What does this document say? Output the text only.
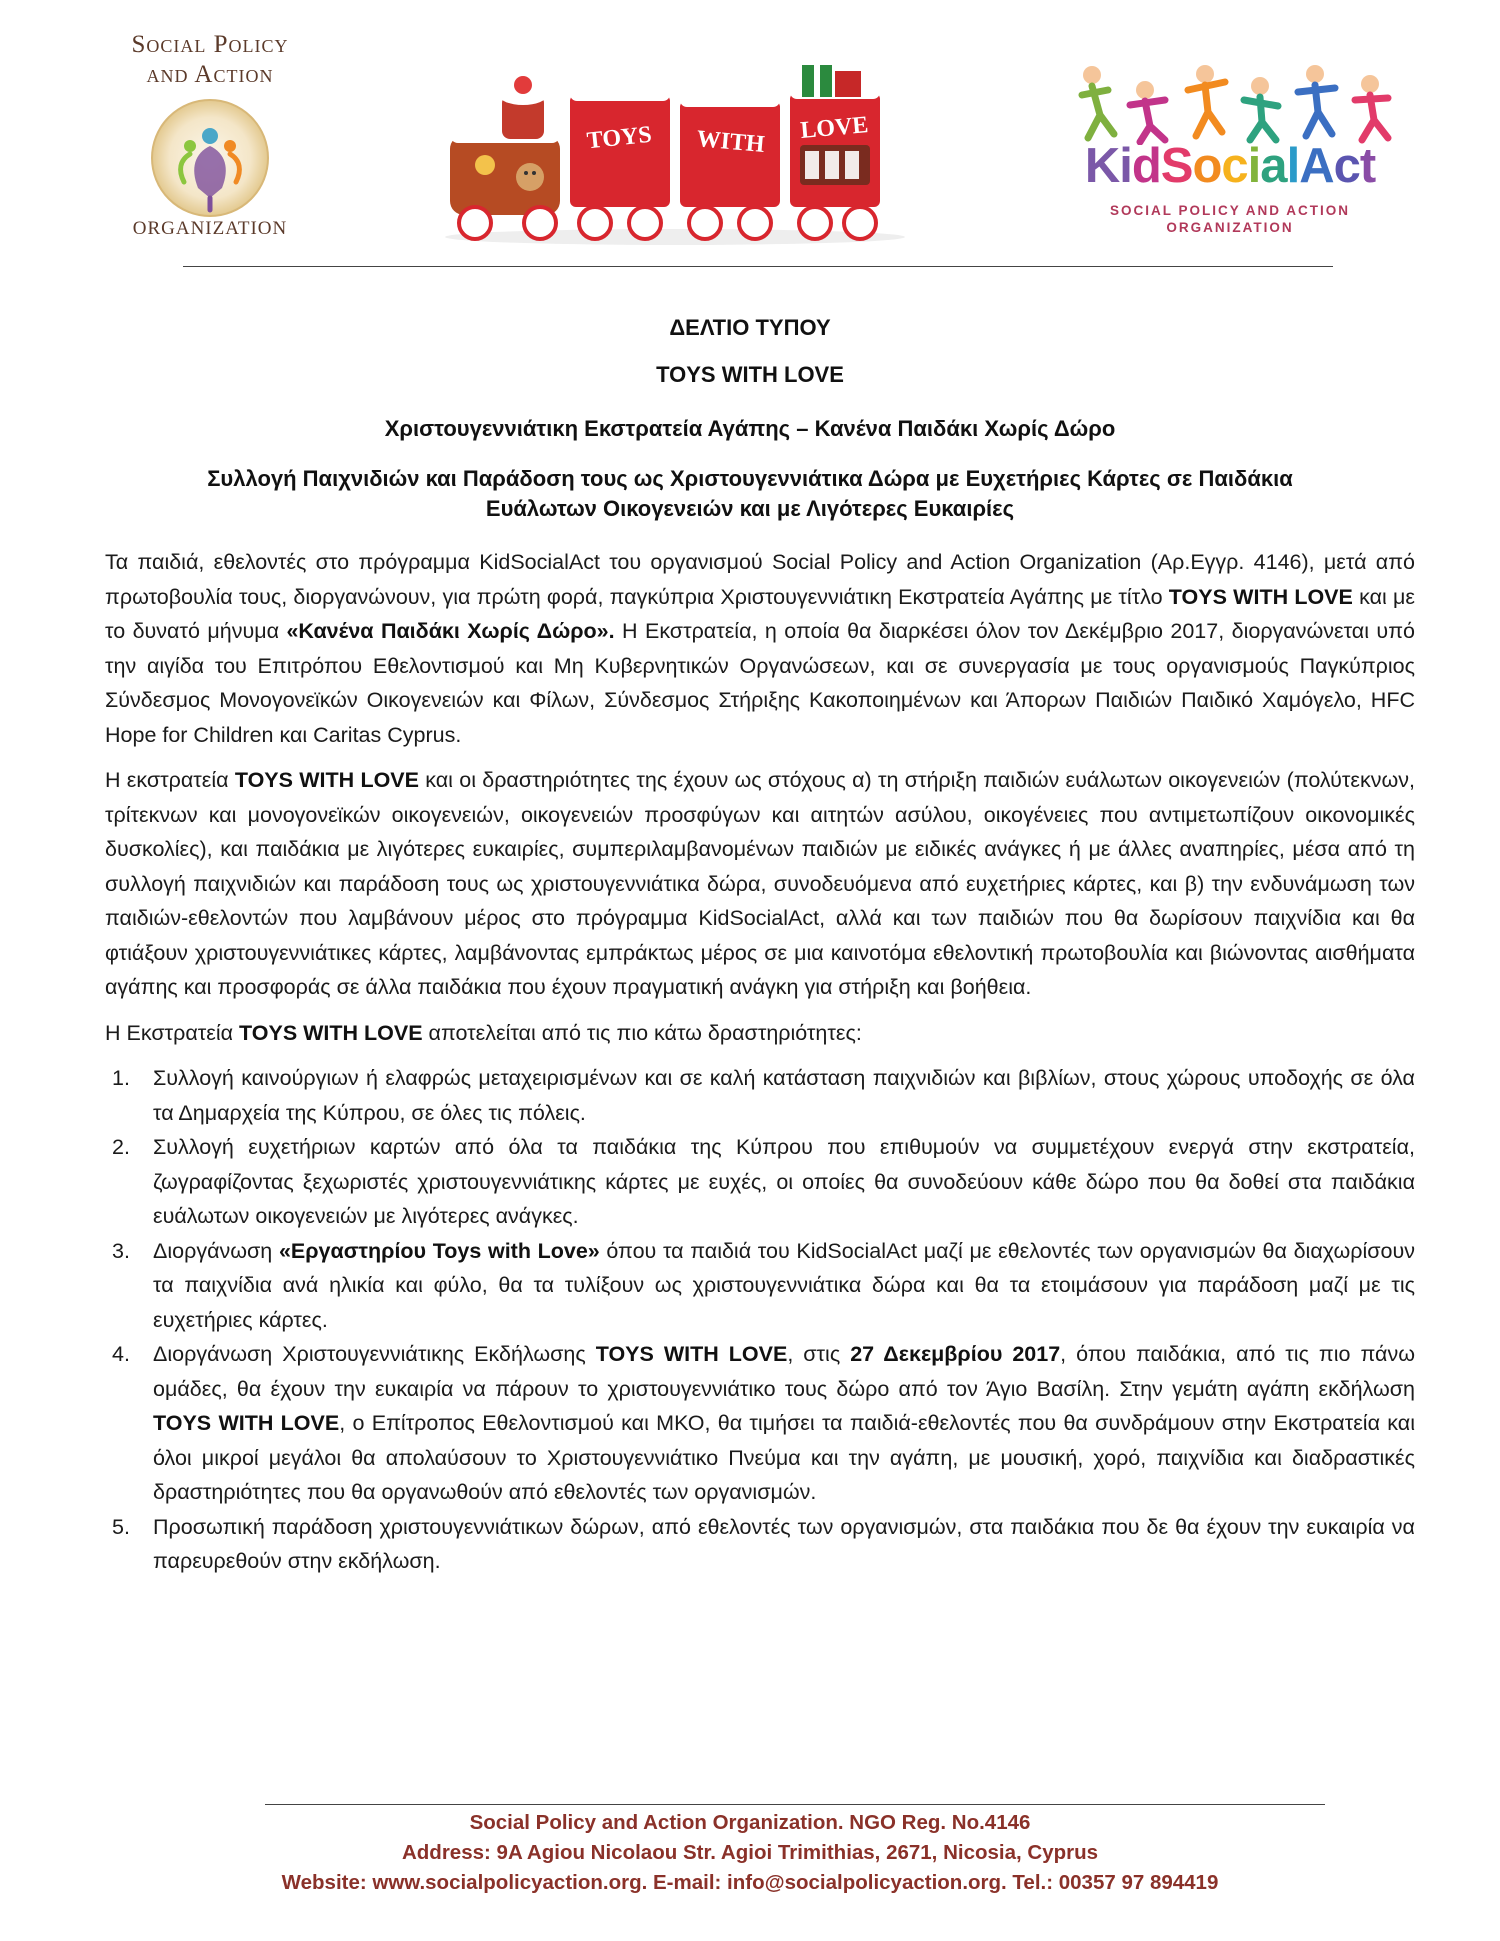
Social Policy and Action
ORGANIZATION
TOYS WITH LOVE
KidSocialAct
SOCIAL POLICY AND ACTION
ORGANIZATION
ΔΕΛΤΙΟ ΤΥΠΟΥ
TOYS WITH LOVE
Χριστουγεννιάτικη Εκστρατεία Αγάπης – Κανένα Παιδάκι Χωρίς Δώρο
Συλλογή Παιχνιδιών και Παράδοση τους ως Χριστουγεννιάτικα Δώρα με Ευχετήριες Κάρτες σε Παιδάκια
Ευάλωτων Οικογενειών και με Λιγότερες Ευκαιρίες

Τα παιδιά, εθελοντές στο πρόγραμμα KidSocialAct του οργανισμού Social Policy and Action Organization (Αρ.Εγγρ. 4146), μετά από πρωτοβουλία τους, διοργανώνουν, για πρώτη φορά, παγκύπρια Χριστουγεννιάτικη Εκστρατεία Αγάπης με τίτλο TOYS WITH LOVE και με το δυνατό μήνυμα «Κανένα Παιδάκι Χωρίς Δώρο». Η Εκστρατεία, η οποία θα διαρκέσει όλον τον Δεκέμβριο 2017, διοργανώνεται υπό την αιγίδα του Επιτρόπου Εθελοντισμού και Μη Κυβερνητικών Οργανώσεων, και σε συνεργασία με τους οργανισμούς Παγκύπριος Σύνδεσμος Μονογονεϊκών Οικογενειών και Φίλων, Σύνδεσμος Στήριξης Κακοποιημένων και Άπορων Παιδιών Παιδικό Χαμόγελο, HFC Hope for Children και Caritas Cyprus.

Η εκστρατεία TOYS WITH LOVE και οι δραστηριότητες της έχουν ως στόχους α) τη στήριξη παιδιών ευάλωτων οικογενειών (πολύτεκνων, τρίτεκνων και μονογονεϊκών οικογενειών, οικογενειών προσφύγων και αιτητών ασύλου, οικογένειες που αντιμετωπίζουν οικονομικές δυσκολίες), και παιδάκια με λιγότερες ευκαιρίες, συμπεριλαμβανομένων παιδιών με ειδικές ανάγκες ή με άλλες αναπηρίες, μέσα από τη συλλογή παιχνιδιών και παράδοση τους ως χριστουγεννιάτικα δώρα, συνοδευόμενα από ευχετήριες κάρτες, και β) την ενδυνάμωση των παιδιών-εθελοντών που λαμβάνουν μέρος στο πρόγραμμα KidSocialAct, αλλά και των παιδιών που θα δωρίσουν παιχνίδια και θα φτιάξουν χριστουγεννιάτικες κάρτες, λαμβάνοντας εμπράκτως μέρος σε μια καινοτόμα εθελοντική πρωτοβουλία και βιώνοντας αισθήματα αγάπης και προσφοράς σε άλλα παιδάκια που έχουν πραγματική ανάγκη για στήριξη και βοήθεια.

Η Εκστρατεία TOYS WITH LOVE αποτελείται από τις πιο κάτω δραστηριότητες:

1. Συλλογή καινούργιων ή ελαφρώς μεταχειρισμένων και σε καλή κατάσταση παιχνιδιών και βιβλίων, στους χώρους υποδοχής σε όλα τα Δημαρχεία της Κύπρου, σε όλες τις πόλεις.
2. Συλλογή ευχετήριων καρτών από όλα τα παιδάκια της Κύπρου που επιθυμούν να συμμετέχουν ενεργά στην εκστρατεία, ζωγραφίζοντας ξεχωριστές χριστουγεννιάτικης κάρτες με ευχές, οι οποίες θα συνοδεύουν κάθε δώρο που θα δοθεί στα παιδάκια ευάλωτων οικογενειών με λιγότερες ανάγκες.
3. Διοργάνωση «Εργαστηρίου Toys with Love» όπου τα παιδιά του KidSocialAct μαζί με εθελοντές των οργανισμών θα διαχωρίσουν τα παιχνίδια ανά ηλικία και φύλο, θα τα τυλίξουν ως χριστουγεννιάτικα δώρα και θα τα ετοιμάσουν για παράδοση μαζί με τις ευχετήριες κάρτες.
4. Διοργάνωση Χριστουγεννιάτικης Εκδήλωσης TOYS WITH LOVE, στις 27 Δεκεμβρίου 2017, όπου παιδάκια, από τις πιο πάνω ομάδες, θα έχουν την ευκαιρία να πάρουν το χριστουγεννιάτικο τους δώρο από τον Άγιο Βασίλη. Στην γεμάτη αγάπη εκδήλωση TOYS WITH LOVE, ο Επίτροπος Εθελοντισμού και ΜΚΟ, θα τιμήσει τα παιδιά-εθελοντές που θα συνδράμουν στην Εκστρατεία και όλοι μικροί μεγάλοι θα απολαύσουν το Χριστουγεννιάτικο Πνεύμα και την αγάπη, με μουσική, χορό, παιχνίδια και διαδραστικές δραστηριότητες που θα οργανωθούν από εθελοντές των οργανισμών.
5. Προσωπική παράδοση χριστουγεννιάτικων δώρων, από εθελοντές των οργανισμών, στα παιδάκια που δε θα έχουν την ευκαιρία να παρευρεθούν στην εκδήλωση.
Social Policy and Action Organization. NGO Reg. No.4146
Address: 9A Agiou Nicolaou Str. Agioi Trimithias, 2671, Nicosia, Cyprus
Website: www.socialpolicyaction.org. E-mail: info@socialpolicyaction.org. Tel.: 00357 97 894419
